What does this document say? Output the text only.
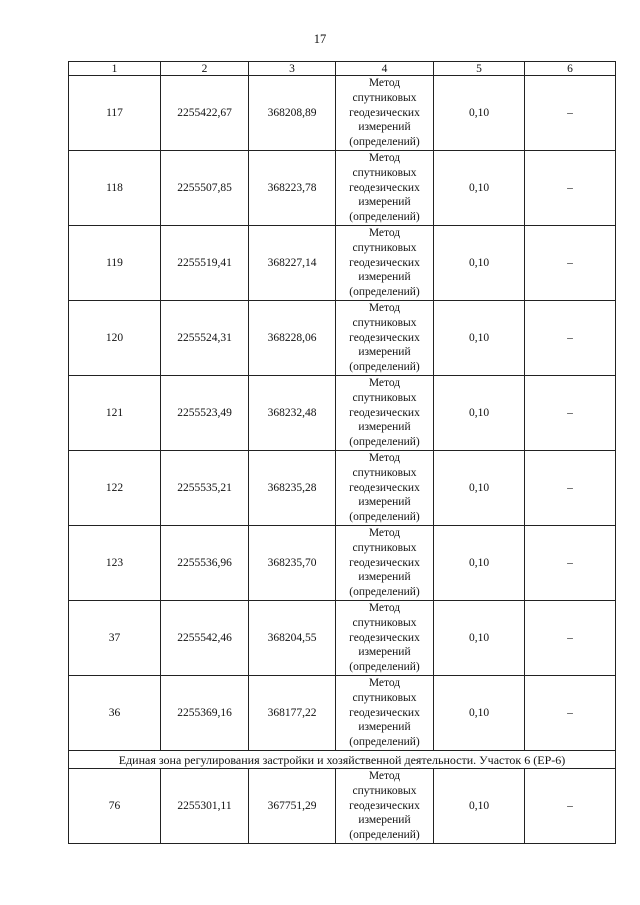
17
1	2	3	4	5	6
117	2255422,67	368208,89	Метод
спутниковых
геодезических
измерений
(определений)	0,10	–
118	2255507,85	368223,78	Метод
спутниковых
геодезических
измерений
(определений)	0,10	–
119	2255519,41	368227,14	Метод
спутниковых
геодезических
измерений
(определений)	0,10	–
120	2255524,31	368228,06	Метод
спутниковых
геодезических
измерений
(определений)	0,10	–
121	2255523,49	368232,48	Метод
спутниковых
геодезических
измерений
(определений)	0,10	–
122	2255535,21	368235,28	Метод
спутниковых
геодезических
измерений
(определений)	0,10	–
123	2255536,96	368235,70	Метод
спутниковых
геодезических
измерений
(определений)	0,10	–
37	2255542,46	368204,55	Метод
спутниковых
геодезических
измерений
(определений)	0,10	–
36	2255369,16	368177,22	Метод
спутниковых
геодезических
измерений
(определений)	0,10	–
Единая зона регулирования застройки и хозяйственной деятельности. Участок 6 (ЕР-6)					
76	2255301,11	367751,29	Метод
спутниковых
геодезических
измерений
(определений)	0,10	–
